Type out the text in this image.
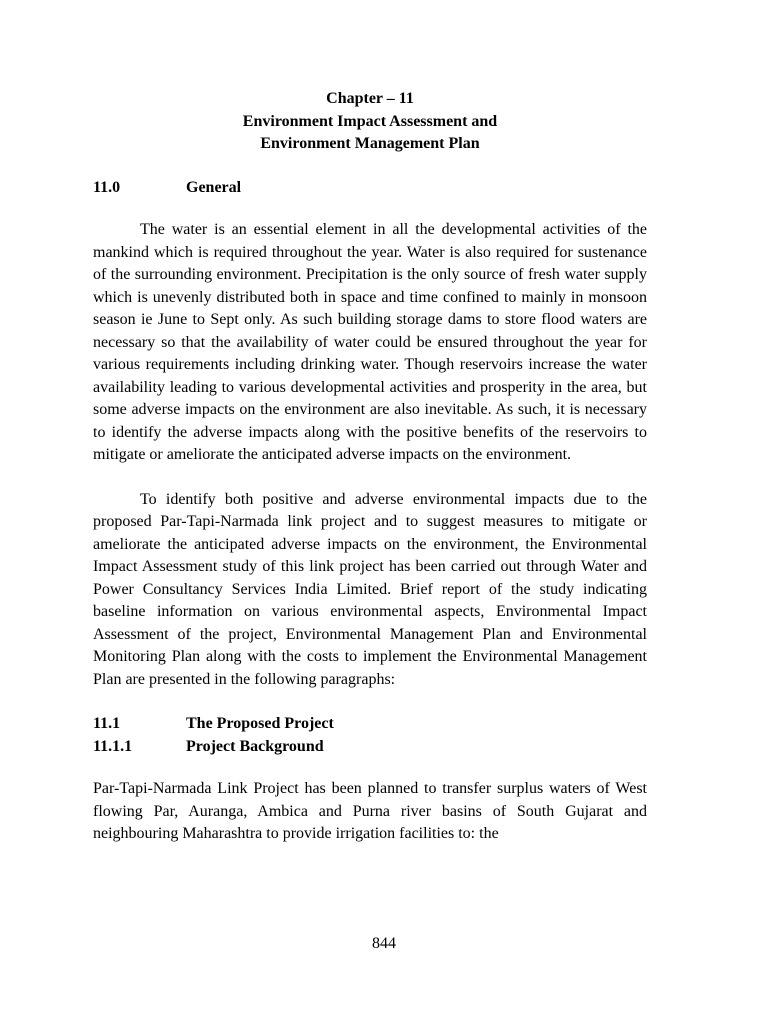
Chapter – 11
Environment Impact Assessment and
Environment Management Plan
11.0	General

The water is an essential element in all the developmental activities of the mankind which is required throughout the year. Water is also required for sustenance of the surrounding environment. Precipitation is the only source of fresh water supply which is unevenly distributed both in space and time confined to mainly in monsoon season ie June to Sept only. As such building storage dams to store flood waters are necessary so that the availability of water could be ensured throughout the year for various requirements including drinking water. Though reservoirs increase the water availability leading to various developmental activities and prosperity in the area, but some adverse impacts on the environment are also inevitable. As such, it is necessary to identify the adverse impacts along with the positive benefits of the reservoirs to mitigate or ameliorate the anticipated adverse impacts on the environment.

To identify both positive and adverse environmental impacts due to the proposed Par-Tapi-Narmada link project and to suggest measures to mitigate or ameliorate the anticipated adverse impacts on the environment, the Environmental Impact Assessment study of this link project has been carried out through Water and Power Consultancy Services India Limited. Brief report of the study indicating baseline information on various environmental aspects, Environmental Impact Assessment of the project, Environmental Management Plan and Environmental Monitoring Plan along with the costs to implement the Environmental Management Plan are presented in the following paragraphs:

11.1	The Proposed Project
11.1.1	Project Background

Par-Tapi-Narmada Link Project has been planned to transfer surplus waters of West flowing Par, Auranga, Ambica and Purna river basins of South Gujarat and neighbouring Maharashtra to provide irrigation facilities to: the

844
